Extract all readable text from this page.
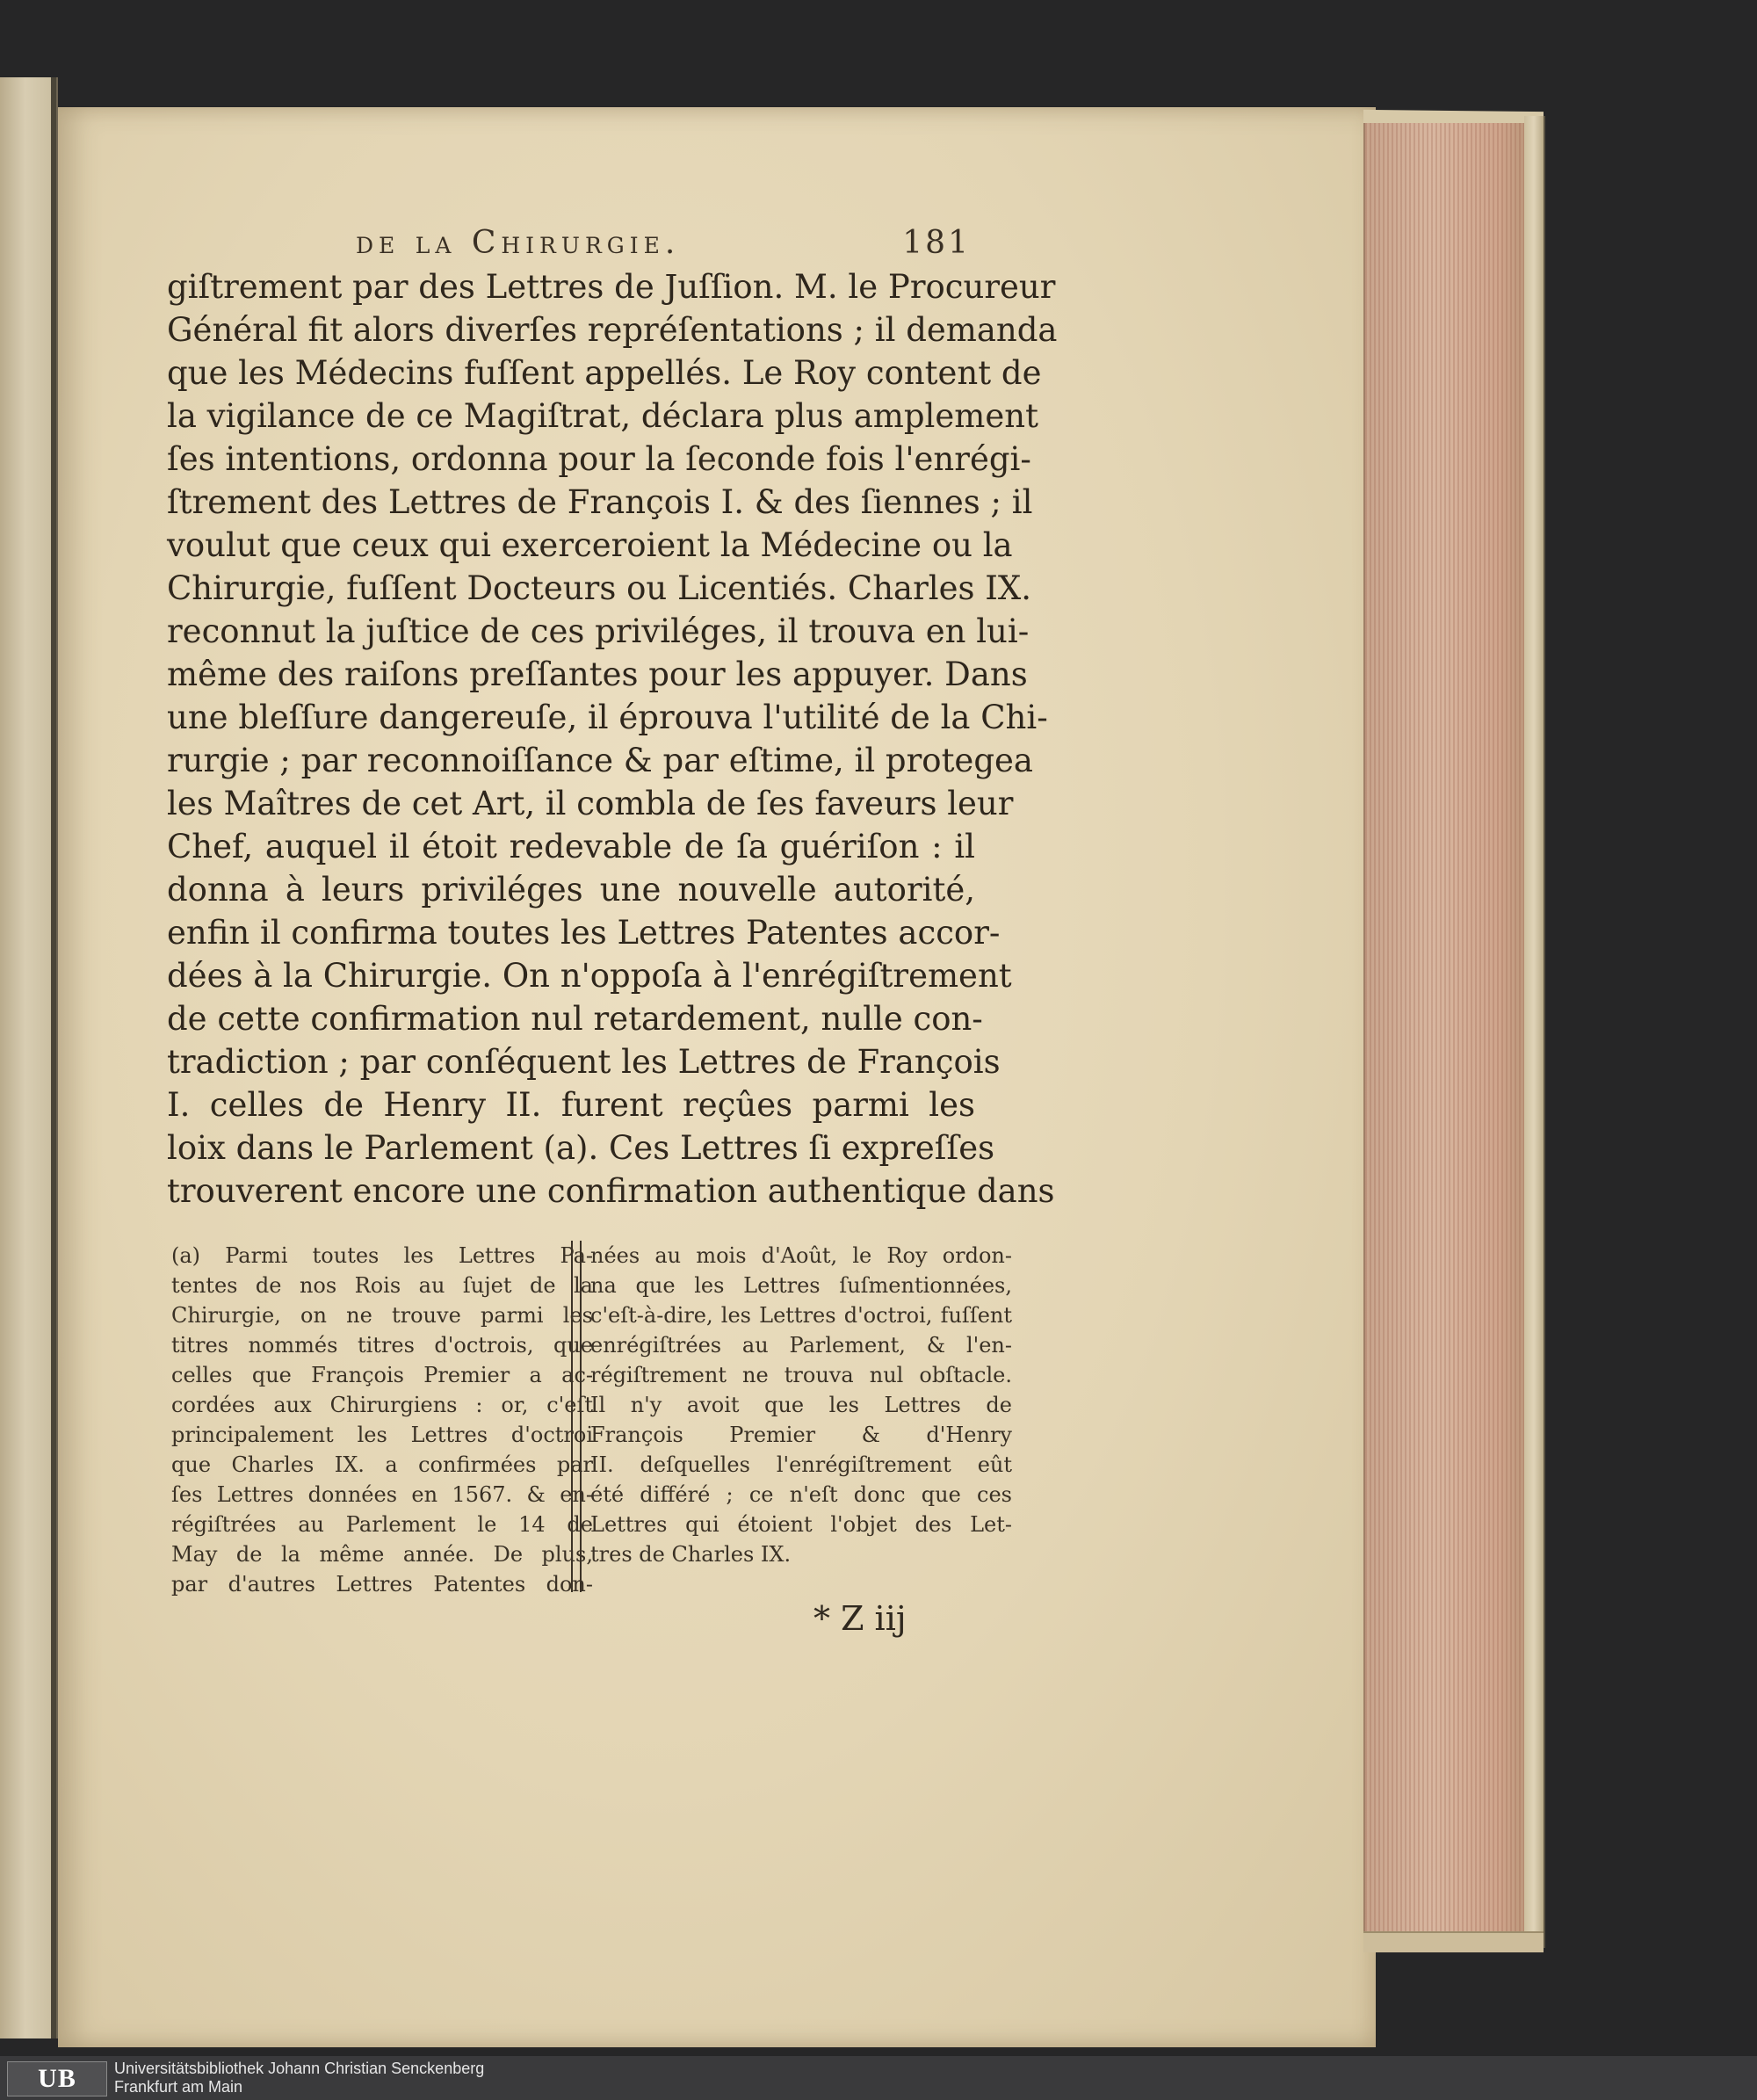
de la Chirurgie.	181
giſtrement par des Lettres de Juſſion. M. le Procureur
Général fit alors diverſes repréſentations ; il demanda
que les Médecins fuſſent appellés. Le Roy content de
la vigilance de ce Magiſtrat, déclara plus amplement
ſes intentions, ordonna pour la ſeconde fois l'enrégi-
ſtrement des Lettres de François I. & des ſiennes ; il
voulut que ceux qui exerceroient la Médecine ou la
Chirurgie, fuſſent Docteurs ou Licentiés. Charles IX.
reconnut la juſtice de ces priviléges, il trouva en lui-
même des raiſons preſſantes pour les appuyer. Dans
une bleſſure dangereuſe, il éprouva l'utilité de la Chi-
rurgie ; par reconnoiſſance & par eſtime, il protegea
les Maîtres de cet Art, il combla de ſes faveurs leur
Chef, auquel il étoit redevable de ſa guériſon : il
donna à leurs priviléges une nouvelle autorité,
enfin il confirma toutes les Lettres Patentes accor-
dées à la Chirurgie. On n'oppoſa à l'enrégiſtrement
de cette confirmation nul retardement, nulle con-
tradiction ; par conſéquent les Lettres de François
I. celles de Henry II. furent reçûes parmi les
loix dans le Parlement (a). Ces Lettres ſi expreſſes
trouverent encore une confirmation authentique dans
(a) Parmi toutes les Lettres Pa-
tentes de nos Rois au ſujet de la
Chirurgie, on ne trouve parmi les
titres nommés titres d'octrois, que
celles que François Premier a ac-
cordées aux Chirurgiens : or, c'eſt
principalement les Lettres d'octroi
que Charles IX. a confirmées par
ſes Lettres données en 1567. & en-
régiſtrées au Parlement le 14 de
May de la même année. De plus,
par d'autres Lettres Patentes don-
nées au mois d'Août, le Roy ordon-
na que les Lettres ſuſmentionnées,
c'eſt-à-dire, les Lettres d'octroi, fuſſent
enrégiſtrées au Parlement, & l'en-
régiſtrement ne trouva nul obſtacle.
Il n'y avoit que les Lettres de
François Premier & d'Henry
II. deſquelles l'enrégiſtrement eût
été différé ; ce n'eſt donc que ces
Lettres qui étoient l'objet des Let-
tres de Charles IX.
* Z iij
UB	Universitätsbibliothek Johann Christian Senckenberg
Frankfurt am Main
